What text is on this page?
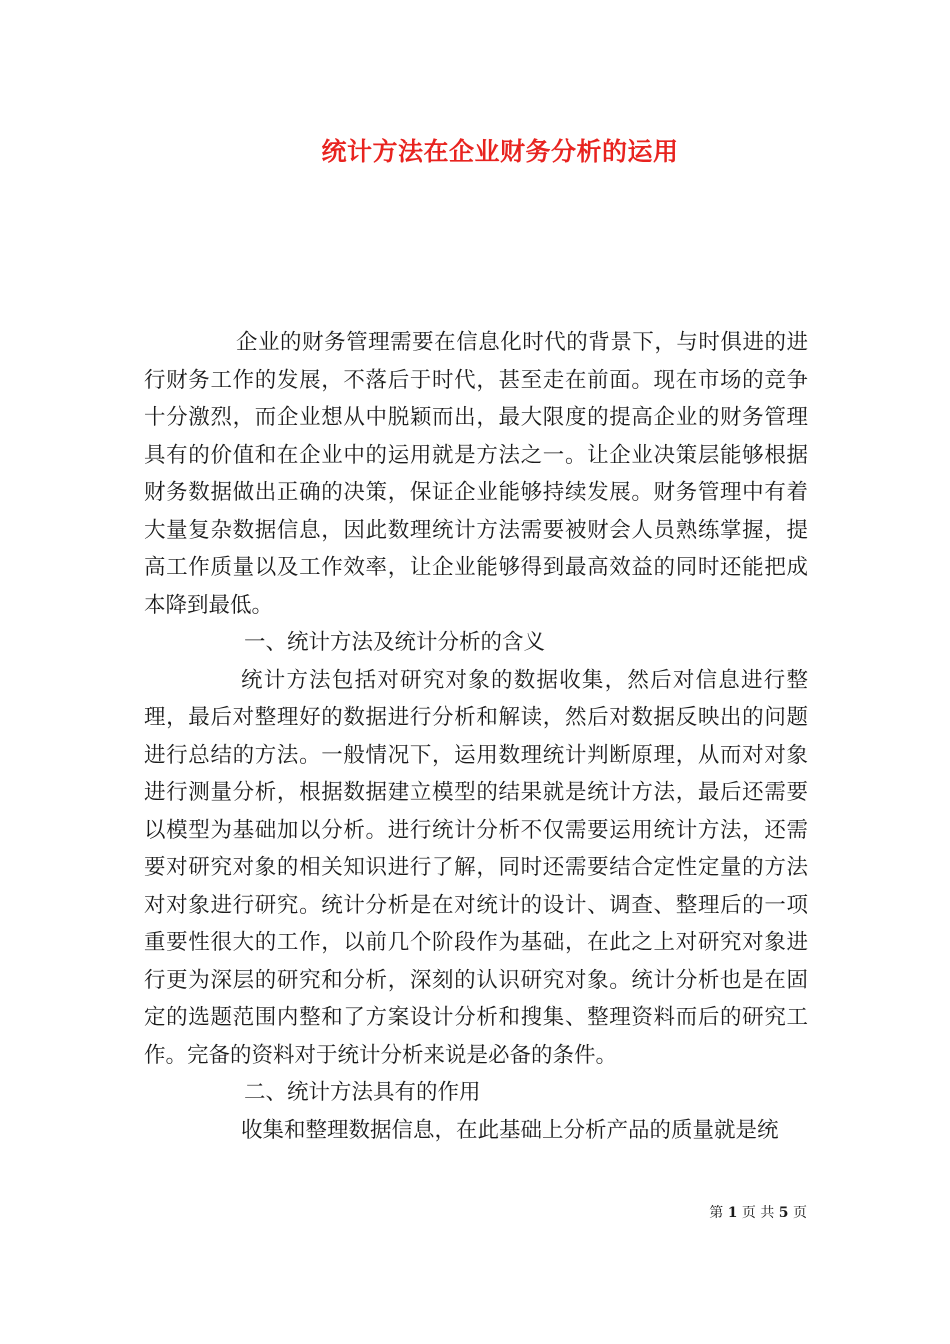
统计方法在企业财务分析的运用

企业的财务管理需要在信息化时代的背景下，与时俱进的进行财务工作的发展，不落后于时代，甚至走在前面。现在市场的竞争十分激烈，而企业想从中脱颖而出，最大限度的提高企业的财务管理具有的价值和在企业中的运用就是方法之一。让企业决策层能够根据财务数据做出正确的决策，保证企业能够持续发展。财务管理中有着大量复杂数据信息，因此数理统计方法需要被财会人员熟练掌握，提高工作质量以及工作效率，让企业能够得到最高效益的同时还能把成本降到最低。

一、统计方法及统计分析的含义

统计方法包括对研究对象的数据收集，然后对信息进行整理，最后对整理好的数据进行分析和解读，然后对数据反映出的问题进行总结的方法。一般情况下，运用数理统计判断原理，从而对对象进行测量分析，根据数据建立模型的结果就是统计方法，最后还需要以模型为基础加以分析。进行统计分析不仅需要运用统计方法，还需要对研究对象的相关知识进行了解，同时还需要结合定性定量的方法对对象进行研究。统计分析是在对统计的设计、调查、整理后的一项重要性很大的工作，以前几个阶段作为基础，在此之上对研究对象进行更为深层的研究和分析，深刻的认识研究对象。统计分析也是在固定的选题范围内整和了方案设计分析和搜集、整理资料而后的研究工作。完备的资料对于统计分析来说是必备的条件。

二、统计方法具有的作用

收集和整理数据信息，在此基础上分析产品的质量就是统

第 1 页 共 5 页
